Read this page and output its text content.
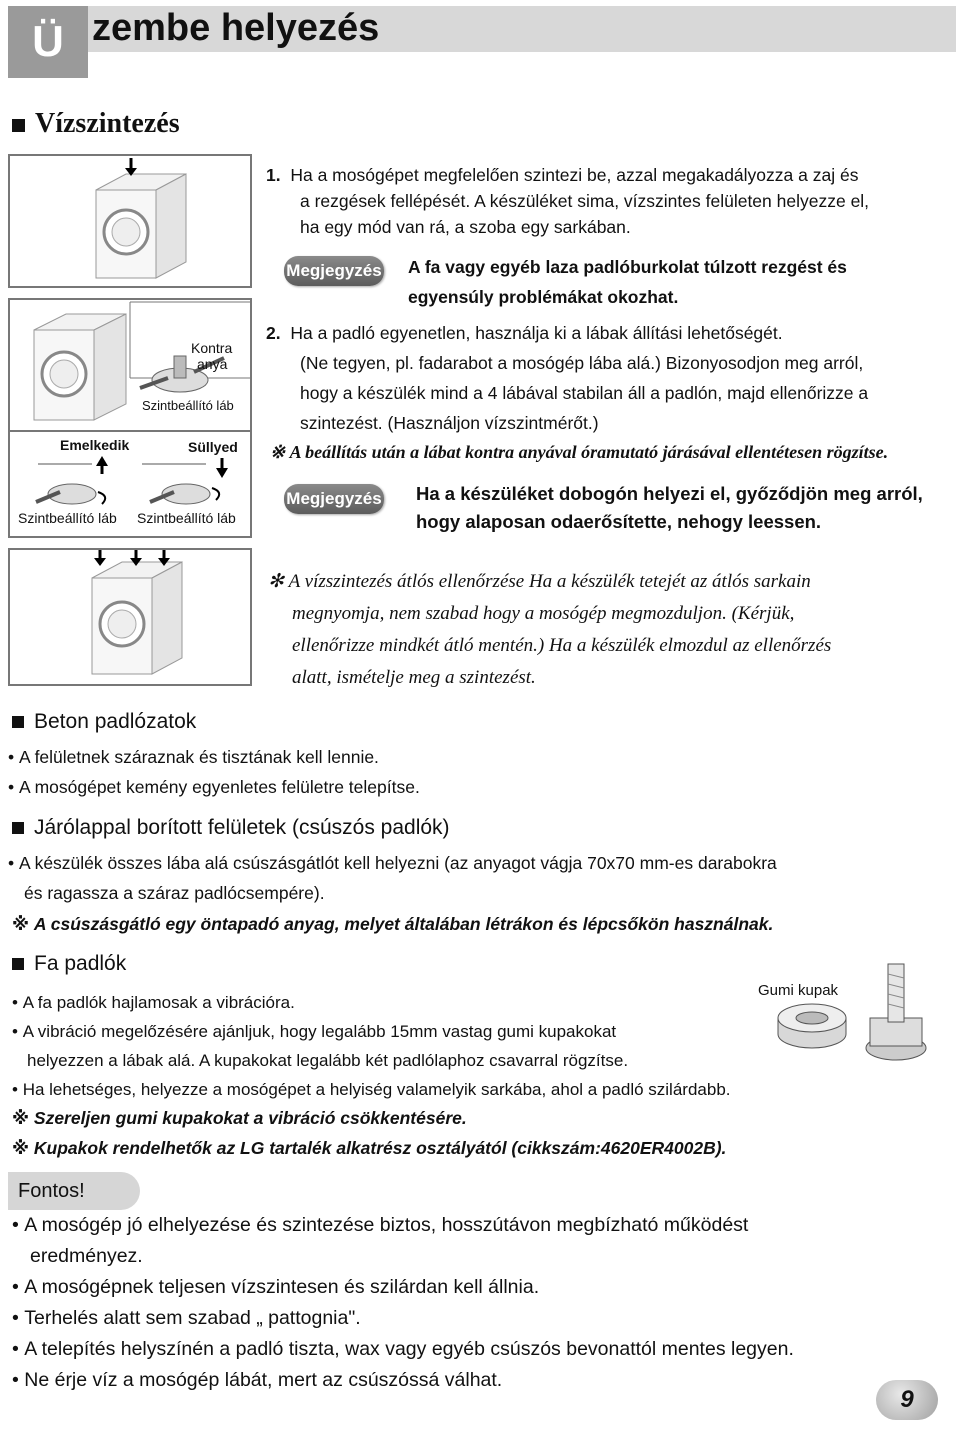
Ü zembe helyezés
Vízszintezés
Kontra
anya
Szintbeállító láb
Emelkedik	Süllyed
Szintbeállító láb Szintbeállító láb
1. Ha a mosógépet megfelelően szintezi be, azzal megakadályozza a zaj és
a rezgések fellépését. A készüléket sima, vízszintes felületen helyezze el,
ha egy mód van rá, a szoba egy sarkában.
Megjegyzés A fa vagy egyéb laza padlóburkolat túlzott rezgést és
egyensúly problémákat okozhat.
2. Ha a padló egyenetlen, használja ki a lábak állítási lehetőségét.
(Ne tegyen, pl. fadarabot a mosógép lába alá.) Bizonyosodjon meg arról,
hogy a készülék mind a 4 lábával stabilan áll a padlón, majd ellenőrizze a
szintezést. (Használjon vízszintmérőt.)
※ A beállítás után a lábat kontra anyával óramutató járásával ellentétesen rögzítse.
Megjegyzés Ha a készüléket dobogón helyezi el, győződjön meg arról,
hogy alaposan odaerősítette, nehogy leessen.
✻ A vízszintezés átlós ellenőrzése Ha a készülék tetejét az átlós sarkain
megnyomja, nem szabad hogy a mosógép megmozduljon. (Kérjük,
ellenőrizze mindkét átló mentén.) Ha a készülék elmozdul az ellenőrzés
alatt, ismételje meg a szintezést.
Beton padlózatok
• A felületnek száraznak és tisztának kell lennie.
• A mosógépet kemény egyenletes felületre telepítse.
Járólappal borított felületek (csúszós padlók)
• A készülék összes lába alá csúszásgátlót kell helyezni (az anyagot vágja 70x70 mm-es darabokra
és ragassza a száraz padlócsempére).
※ A csúszásgátló egy öntapadó anyag, melyet általában létrákon és lépcsőkön használnak.
Fa padlók
Gumi kupak
• A fa padlók hajlamosak a vibrációra.
• A vibráció megelőzésére ajánljuk, hogy legalább 15mm vastag gumi kupakokat
helyezzen a lábak alá. A kupakokat legalább két padlólaphoz csavarral rögzítse.
• Ha lehetséges, helyezze a mosógépet a helyiség valamelyik sarkába, ahol a padló szilárdabb.
※ Szereljen gumi kupakokat a vibráció csökkentésére.
※ Kupakok rendelhetők az LG tartalék alkatrész osztályától (cikkszám:4620ER4002B).
Fontos!
• A mosógép jó elhelyezése és szintezése biztos, hosszútávon megbízható működést
eredményez.
• A mosógépnek teljesen vízszintesen és szilárdan kell állnia.
• Terhelés alatt sem szabad „ pattognia".
• A telepítés helyszínén a padló tiszta, wax vagy egyéb csúszós bevonattól mentes legyen.
• Ne érje víz a mosógép lábát, mert az csúszóssá válhat.
9
